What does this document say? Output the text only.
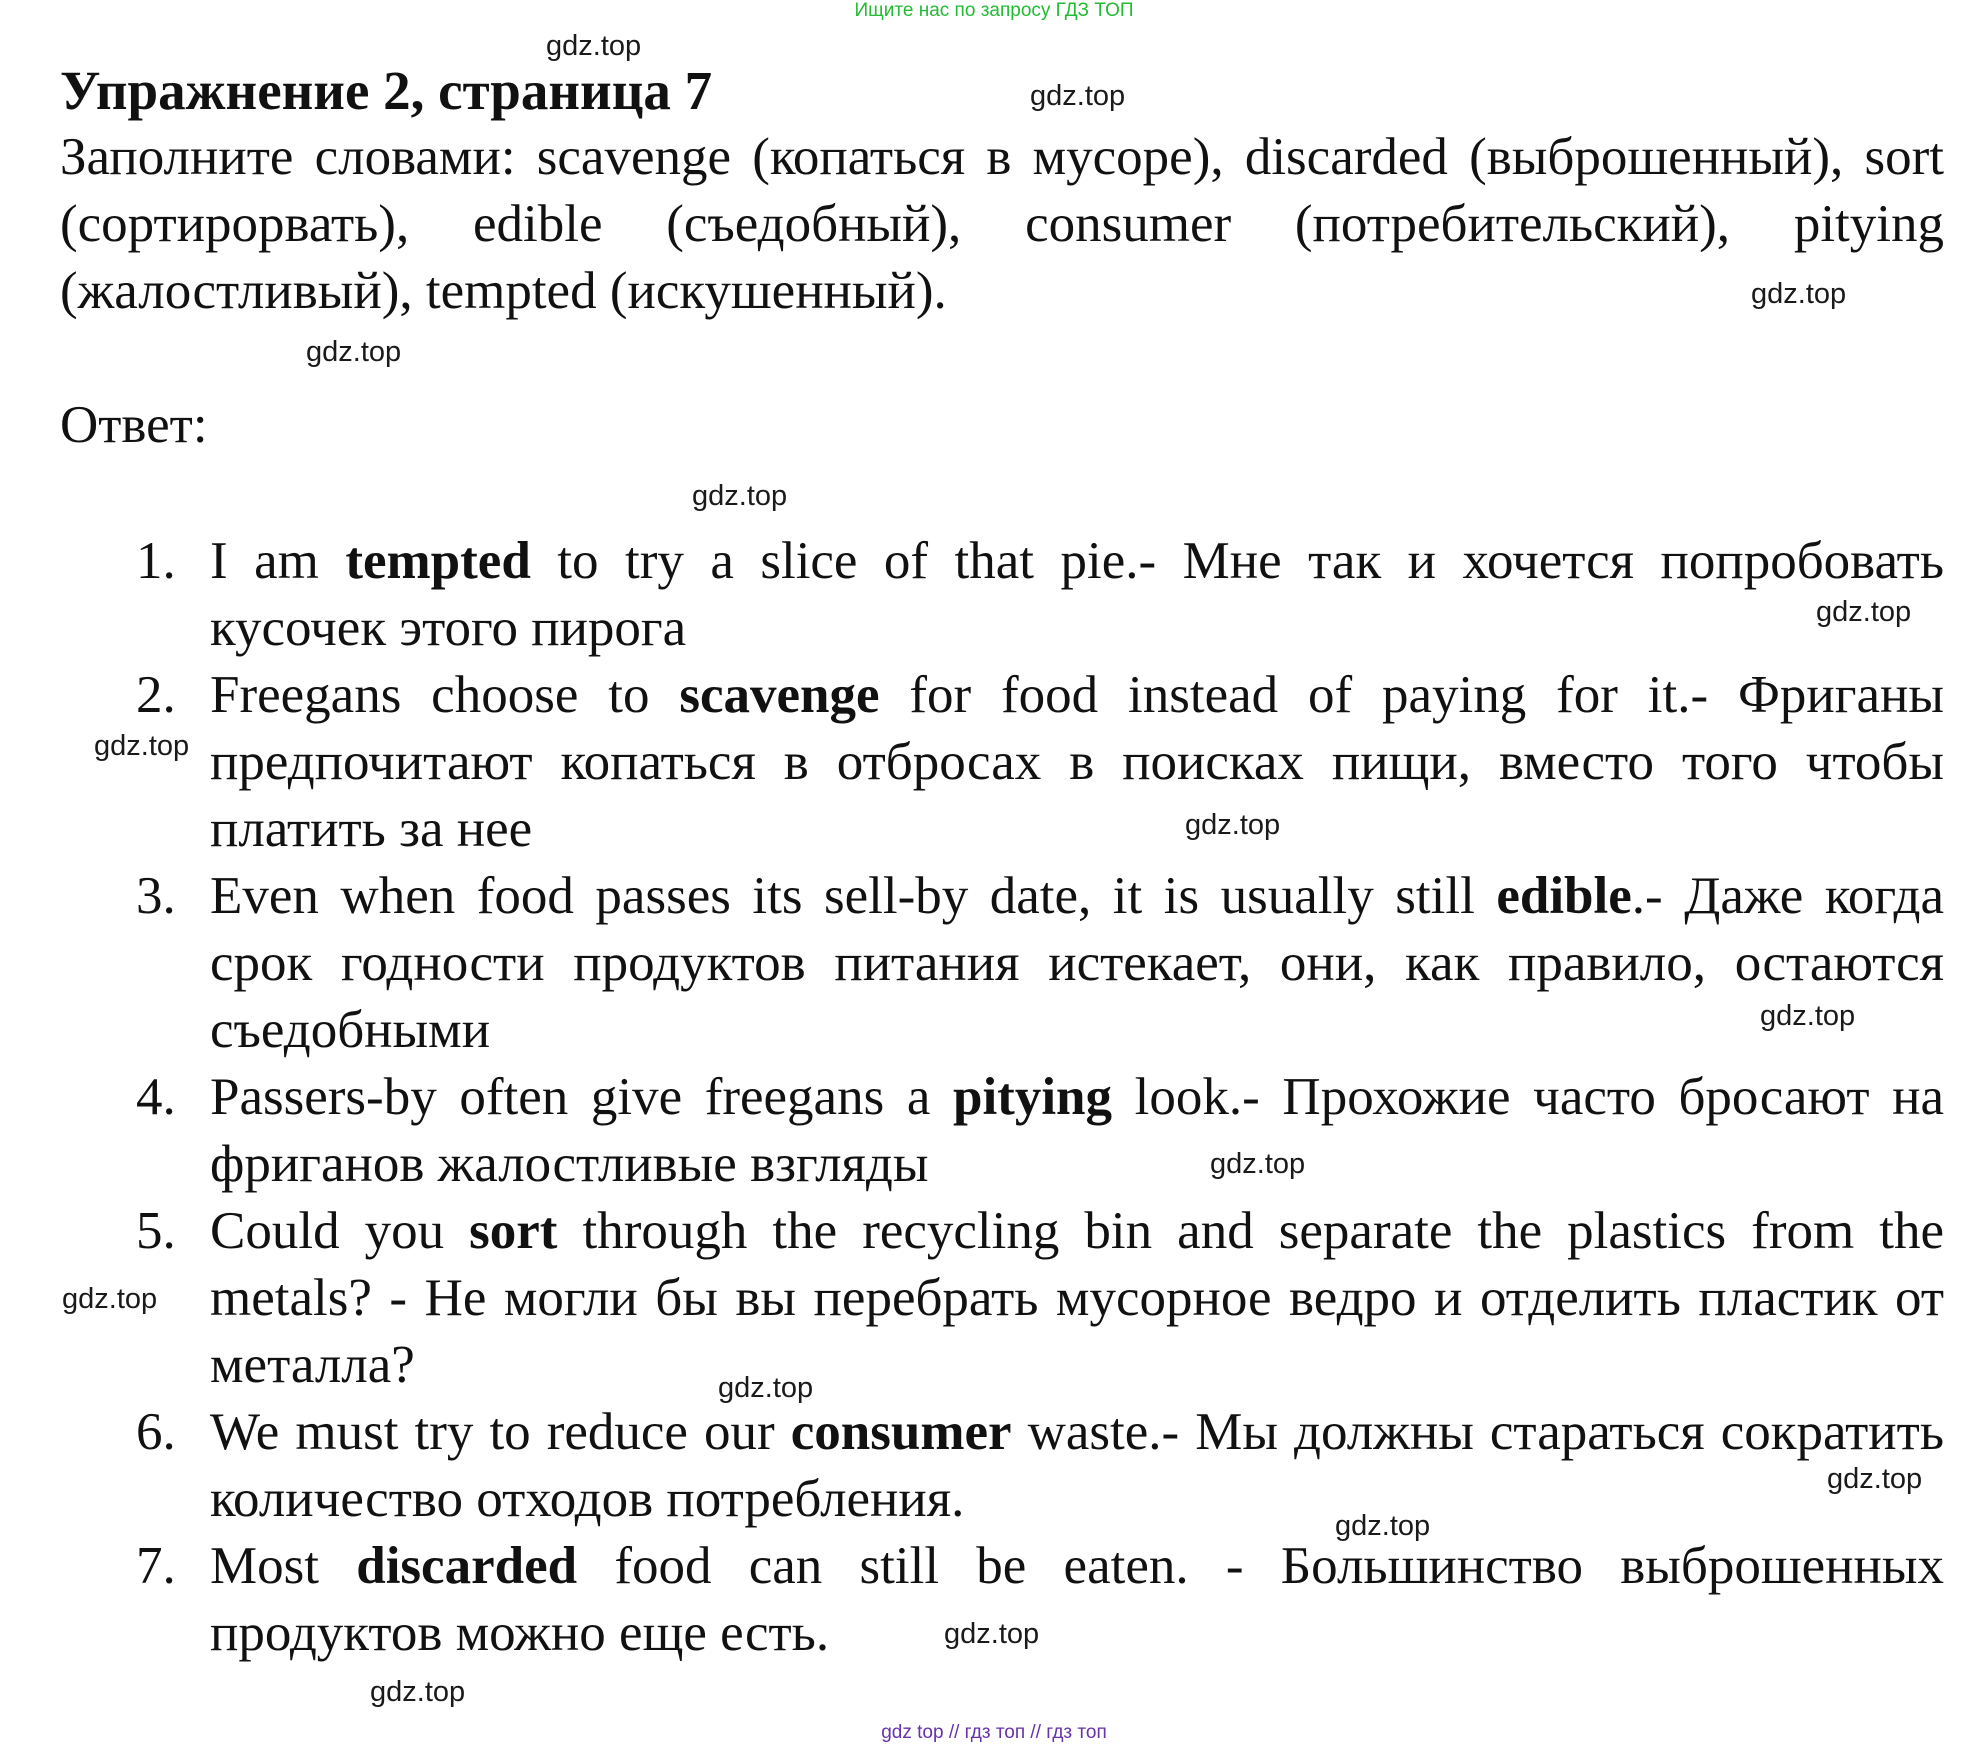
Ищите нас по запросу ГДЗ ТОП
Упражнение 2, страница 7

Заполните словами: scavenge (копаться в мусоре), discarded (выброшенный), sort (сортирорвать), edible (съедобный), consumer (потребительский), pitying (жалостливый), tempted (искушенный).

Ответ:

1. I am tempted to try a slice of that pie.- Мне так и хочется попробовать кусочек этого пирога
2. Freegans choose to scavenge for food instead of paying for it.- Фриганы предпочитают копаться в отбросах в поисках пищи, вместо того чтобы платить за нее
3. Even when food passes its sell-by date, it is usually still edible.- Даже когда срок годности продуктов питания истекает, они, как правило, остаются съедобными
4. Passers-by often give freegans a pitying look.- Прохожие часто бросают на фриганов жалостливые взгляды
5. Could you sort through the recycling bin and separate the plastics from the metals? - Не могли бы вы перебрать мусорное ведро и отделить пластик от металла?
6. We must try to reduce our consumer waste.- Мы должны стараться сократить количество отходов потребления.
7. Most discarded food can still be eaten. - Большинство выброшенных продуктов можно еще есть.
gdz.top
gdz.top
gdz.top
gdz.top
gdz.top
gdz.top
gdz.top
gdz.top
gdz.top
gdz.top
gdz.top
gdz.top
gdz.top
gdz.top
gdz.top
gdz.top
gdz top // гдз топ // гдз топ
